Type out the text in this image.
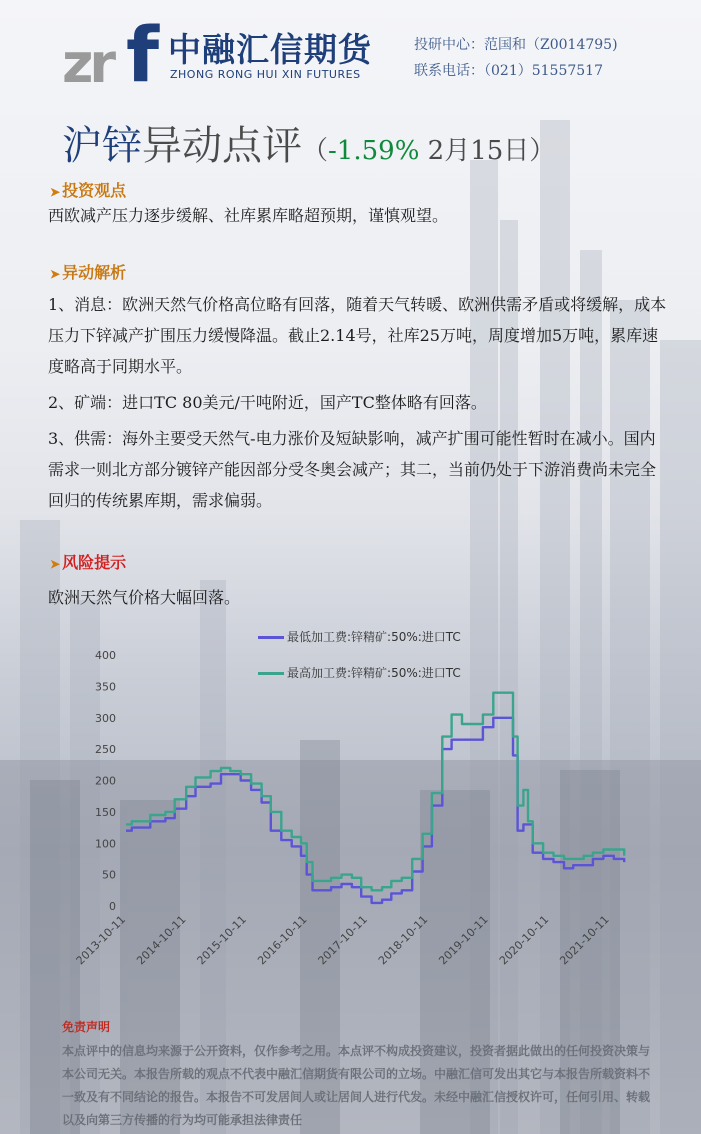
zr f 中融汇信期货
ZHONG RONG HUI XIN FUTURES
投研中心：范国和（Z0014795)
联系电话：（021）51557517
沪锌异动点评（-1.59% 2月15日）
➤ 投资观点
西欧减产压力逐步缓解、社库累库略超预期，谨慎观望。
➤ 异动解析
1、消息：欧洲天然气价格高位略有回落，随着天气转暖、欧洲供需矛盾或将缓解，成本压力下锌减产扩围压力缓慢降温。截止2.14号，社库25万吨，周度增加5万吨，累库速度略高于同期水平。
2、矿端：进口TC 80美元/干吨附近，国产TC整体略有回落。
3、供需：海外主要受天然气-电力涨价及短缺影响，减产扩围可能性暂时在减小。国内需求一则北方部分镀锌产能因部分受冬奥会减产；其二，当前仍处于下游消费尚未完全回归的传统累库期，需求偏弱。
➤ 风险提示
欧洲天然气价格大幅回落。
最低加工费:锌精矿:50%:进口TC
最高加工费:锌精矿:50%:进口TC
0
50
100
150
200
250
300
350
400
2013-10-11 2014-10-11 2015-10-11 2016-10-11 2017-10-11 2018-10-11 2019-10-11 2020-10-11 2021-10-11
免责声明
本点评中的信息均来源于公开资料，仅作参考之用。本点评不构成投资建议，投资者据此做出的任何投资决策与本公司无关。本报告所载的观点不代表中融汇信期货有限公司的立场。中融汇信可发出其它与本报告所载资料不一致及有不同结论的报告。本报告不可发居间人或让居间人进行代发。未经中融汇信授权许可，任何引用、转载以及向第三方传播的行为均可能承担法律责任
